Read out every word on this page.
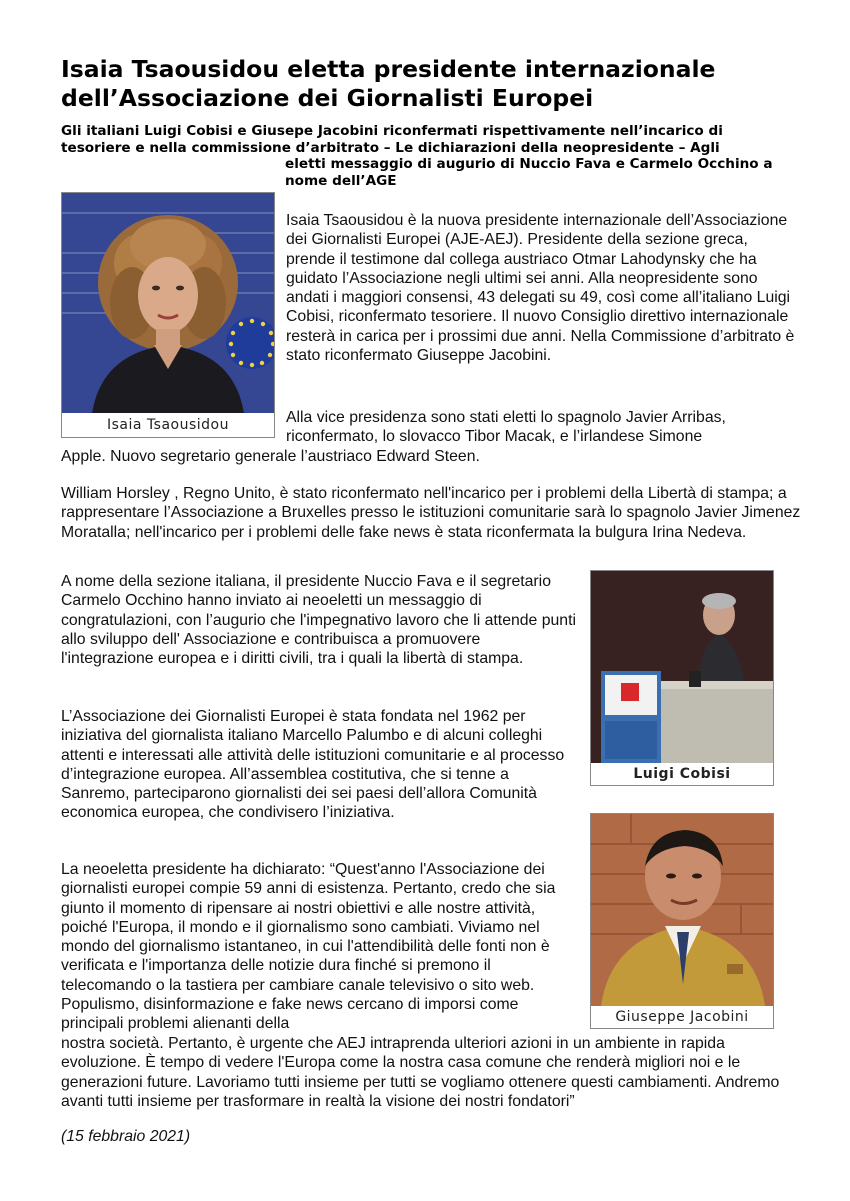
Isaia Tsaousidou eletta presidente internazionale dell’Associazione dei Giornalisti Europei
Gli italiani Luigi Cobisi e Giusepe Jacobini riconfermati rispettivamente nell’incarico di tesoriere e nella commissione d’arbitrato – Le dichiarazioni della neopresidente – Agli
eletti messaggio di augurio di Nuccio Fava e Carmelo Occhino a nome dell’AGE
Isaia Tsaousidou

Isaia Tsaousidou è la nuova presidente internazionale dell’Associazione dei Giornalisti Europei (AJE-AEJ). Presidente della sezione greca, prende il testimone dal collega austriaco Otmar Lahodynsky che ha guidato l’Associazione negli ultimi sei anni. Alla neopresidente sono andati i maggiori consensi, 43 delegati su 49, così come all’italiano Luigi Cobisi, riconfermato tesoriere. Il nuovo Consiglio direttivo internazionale resterà in carica per i prossimi due anni. Nella Commissione d’arbitrato è stato riconfermato Giuseppe Jacobini.

Alla vice presidenza sono stati eletti lo spagnolo Javier Arribas, riconfermato, lo slovacco Tibor Macak, e l’irlandese Simone

Apple. Nuovo segretario generale l’austriaco Edward Steen.

William Horsley , Regno Unito, è stato riconfermato nell'incarico per i problemi della Libertà di stampa; a rappresentare l’Associazione a Bruxelles presso le istituzioni comunitarie sarà lo spagnolo Javier Jimenez Moratalla; nell'incarico per i problemi delle fake news è stata riconfermata la bulgura Irina Nedeva.

Luigi Cobisi

A nome della sezione italiana, il presidente Nuccio Fava e il segretario Carmelo Occhino hanno inviato ai neoeletti un messaggio di congratulazioni, con l’augurio che l'impegnativo lavoro che li attende punti allo sviluppo dell' Associazione e contribuisca a promuovere l'integrazione europea e i diritti civili, tra i quali la libertà di stampa.

L’Associazione dei Giornalisti Europei è stata fondata nel 1962 per iniziativa del giornalista italiano Marcello Palumbo e di alcuni colleghi attenti e interessati alle attività delle istituzioni comunitarie e al processo d’integrazione europea. All’assemblea costitutiva, che si tenne a Sanremo, parteciparono giornalisti dei sei paesi dell’allora Comunità economica europea, che condivisero l’iniziativa.

Giuseppe Jacobini

La neoeletta presidente ha dichiarato: “Quest'anno l'Associazione dei giornalisti europei compie 59 anni di esistenza. Pertanto, credo che sia giunto il momento di ripensare ai nostri obiettivi e alle nostre attività, poiché l'Europa, il mondo e il giornalismo sono cambiati. Viviamo nel mondo del giornalismo istantaneo, in cui l'attendibilità delle fonti non è verificata e l'importanza delle notizie dura finché si premono il telecomando o la tastiera per cambiare canale televisivo o sito web. Populismo, disinformazione e fake news cercano di imporsi come principali problemi alienanti della

nostra società. Pertanto, è urgente che AEJ intraprenda ulteriori azioni in un ambiente in rapida evoluzione. È tempo di vedere l'Europa come la nostra casa comune che renderà migliori noi e le generazioni future. Lavoriamo tutti insieme per tutti se vogliamo ottenere questi cambiamenti. Andremo avanti tutti insieme per trasformare in realtà la visione dei nostri fondatori”

(15 febbraio 2021)
